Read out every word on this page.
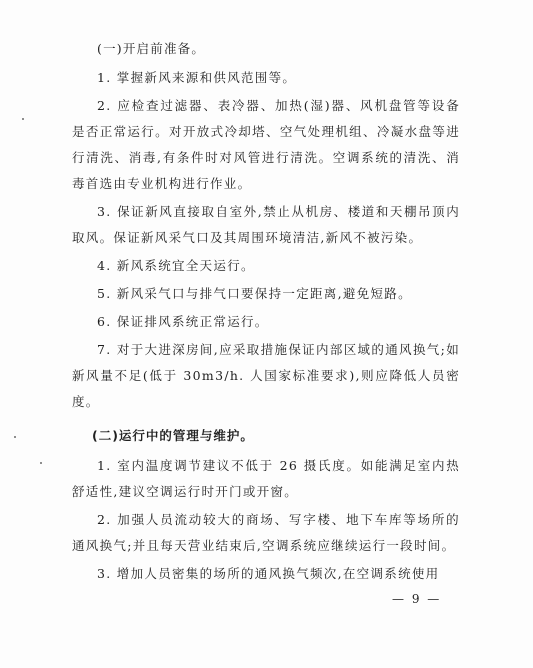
(一)开启前准备。

1. 掌握新风来源和供风范围等。

2. 应检查过滤器、表冷器、加热(湿)器、风机盘管等设备是否正常运行。对开放式冷却塔、空气处理机组、冷凝水盘等进行清洗、消毒,有条件时对风管进行清洗。空调系统的清洗、消毒首选由专业机构进行作业。

3. 保证新风直接取自室外,禁止从机房、楼道和天棚吊顶内取风。保证新风采气口及其周围环境清洁,新风不被污染。

4. 新风系统宜全天运行。

5. 新风采气口与排气口要保持一定距离,避免短路。

6. 保证排风系统正常运行。

7. 对于大进深房间,应采取措施保证内部区域的通风换气;如新风量不足(低于 30m3/h. 人国家标准要求),则应降低人员密度。

(二)运行中的管理与维护。

1. 室内温度调节建议不低于 26 摄氏度。如能满足室内热舒适性,建议空调运行时开门或开窗。

2. 加强人员流动较大的商场、写字楼、地下车库等场所的通风换气;并且每天营业结束后,空调系统应继续运行一段时间。

3. 增加人员密集的场所的通风换气频次,在空调系统使用

— 9 —
